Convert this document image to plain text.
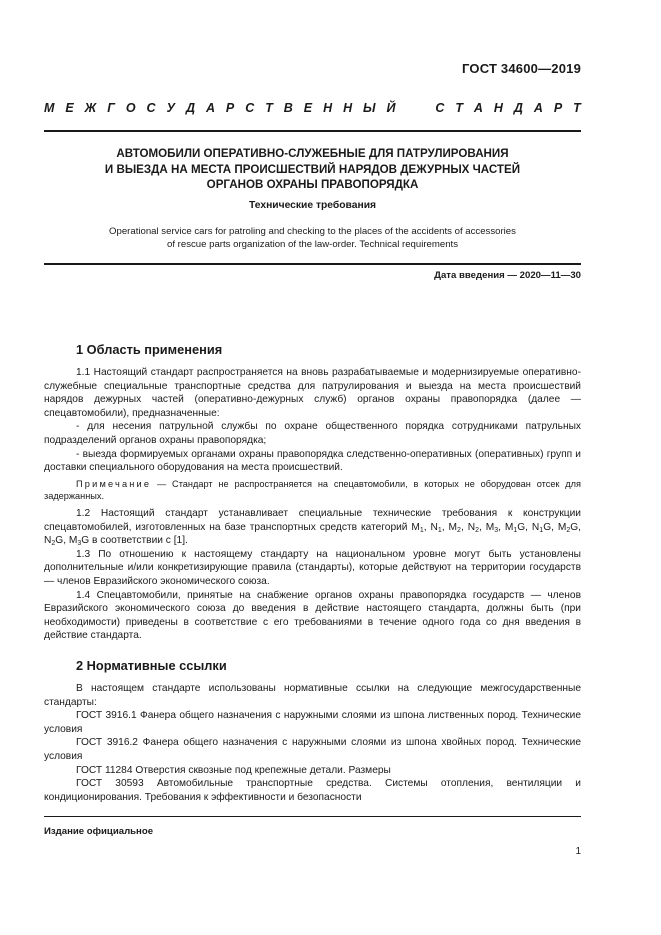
ГОСТ 34600—2019
М Е Ж Г О С У Д А Р С Т В Е Н Н Ы Й

	С Т А Н Д А Р Т
АВТОМОБИЛИ ОПЕРАТИВНО-СЛУЖЕБНЫЕ ДЛЯ ПАТРУЛИРОВАНИЯ
И ВЫЕЗДА НА МЕСТА ПРОИСШЕСТВИЙ НАРЯДОВ ДЕЖУРНЫХ ЧАСТЕЙ
ОРГАНОВ ОХРАНЫ ПРАВОПОРЯДКА
Технические требования
Operational service cars for patroling and checking to the places of the accidents of accessories
of rescue parts organization of the law-order. Technical requirements
Дата введения — 2020—11—30
1 Область применения

1.1 Настоящий стандарт распространяется на вновь разрабатываемые и модернизируемые оперативно-служебные специальные транспортные средства для патрулирования и выезда на места происшествий нарядов дежурных частей (оперативно-дежурных служб) органов охраны правопорядка (далее — спецавтомобили), предназначенные:

- для несения патрульной службы по охране общественного порядка сотрудниками патрульных подразделений органов охраны правопорядка;

- выезда формируемых органами охраны правопорядка следственно-оперативных (оперативных) групп и доставки специального оборудования на места происшествий.

Примечание — Стандарт не распространяется на спецавтомобили, в которых не оборудован отсек для задержанных.

1.2 Настоящий стандарт устанавливает специальные технические требования к конструкции спецавтомобилей, изготовленных на базе транспортных средств категорий $M_1$, $N_1$, $M_2$, $N_2$, $M_3$, $M_1G$, $N_1G$, $M_2G$, $N_2G$, $M_3G$ в соответствии с [1].

1.3 По отношению к настоящему стандарту на национальном уровне могут быть установлены дополнительные и/или конкретизирующие правила (стандарты), которые действуют на территории государств — членов Евразийского экономического союза.

1.4 Спецавтомобили, принятые на снабжение органов охраны правопорядка государств — членов Евразийского экономического союза до введения в действие настоящего стандарта, должны быть (при необходимости) приведены в соответствие с его требованиями в течение одного года со дня введения в действие стандарта.

2 Нормативные ссылки

В настоящем стандарте использованы нормативные ссылки на следующие межгосударственные стандарты:

ГОСТ 3916.1 Фанера общего назначения с наружными слоями из шпона лиственных пород. Технические условия

ГОСТ 3916.2 Фанера общего назначения с наружными слоями из шпона хвойных пород. Технические условия

ГОСТ 11284 Отверстия сквозные под крепежные детали. Размеры

ГОСТ 30593 Автомобильные транспортные средства. Системы отопления, вентиляции и кондиционирования. Требования к эффективности и безопасности

Издание официальное
1
